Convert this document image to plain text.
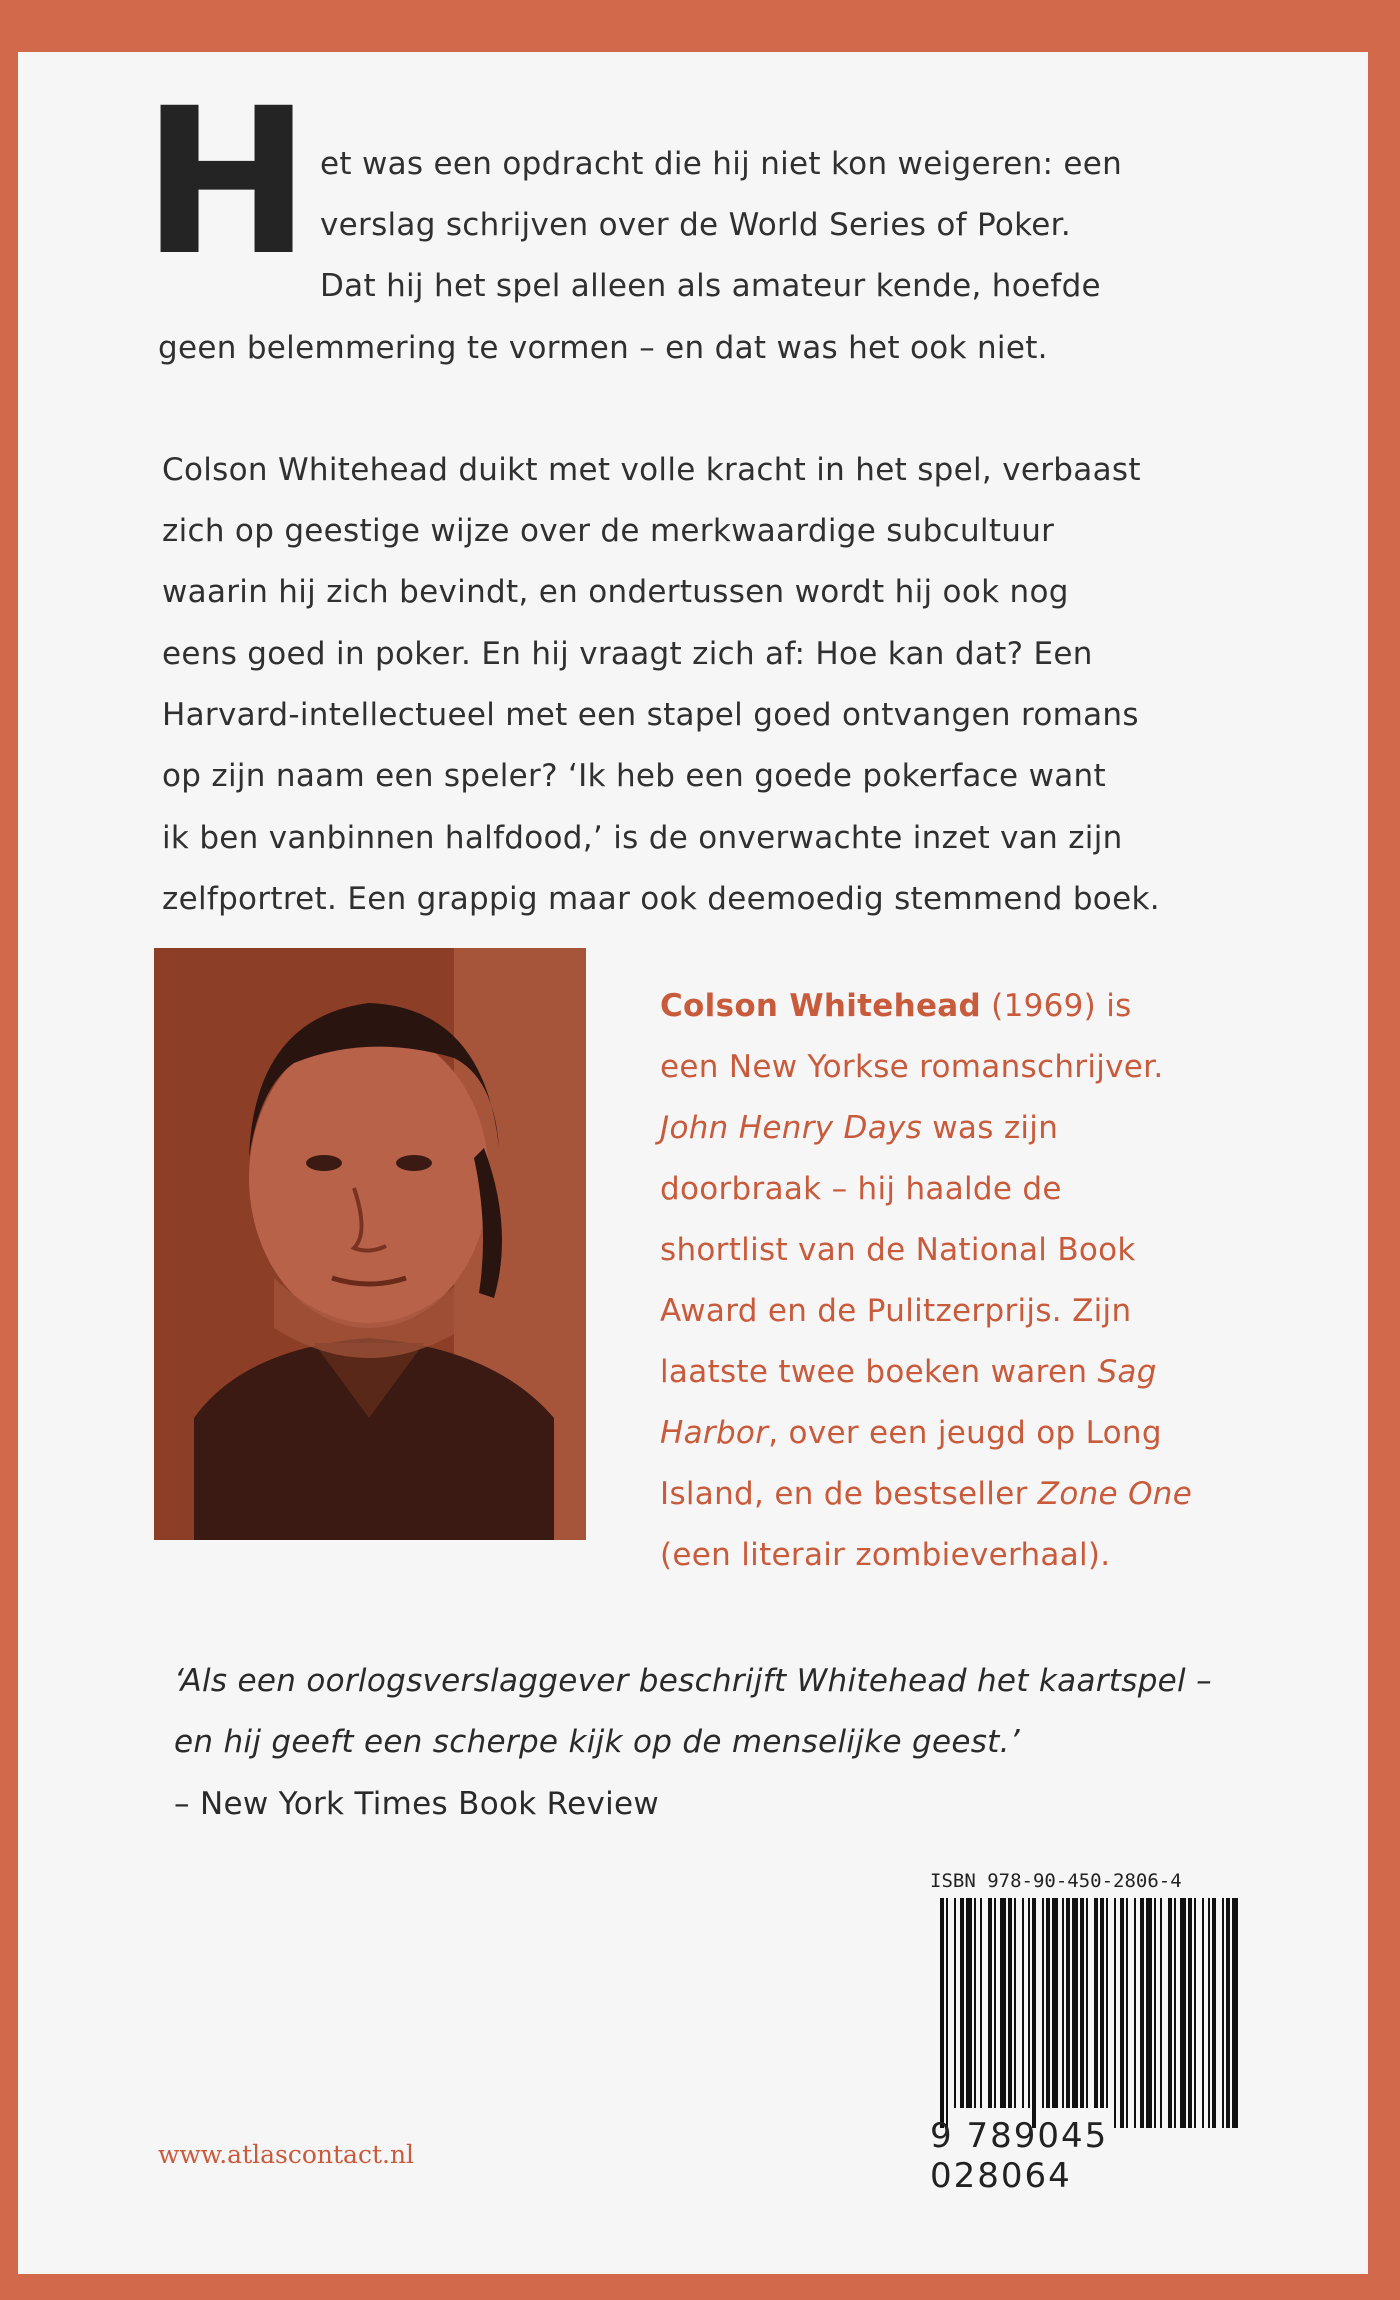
H et was een opdracht die hij niet kon weigeren: een
verslag schrijven over de World Series of Poker.
Dat hij het spel alleen als amateur kende, hoefde
geen belemmering te vormen – en dat was het ook niet.
Colson Whitehead duikt met volle kracht in het spel, verbaast
zich op geestige wijze over de merkwaardige subcultuur
waarin hij zich bevindt, en ondertussen wordt hij ook nog
eens goed in poker. En hij vraagt zich af: Hoe kan dat? Een
Harvard-intellectueel met een stapel goed ontvangen romans
op zijn naam een speler? ‘Ik heb een goede pokerface want
ik ben vanbinnen halfdood,’ is de onverwachte inzet van zijn
zelfportret. Een grappig maar ook deemoedig stemmend boek.
Colson Whitehead (1969) is
een New Yorkse romanschrijver.
John Henry Days was zijn
doorbraak – hij haalde de
shortlist van de National Book
Award en de Pulitzerprijs. Zijn
laatste twee boeken waren Sag
Harbor, over een jeugd op Long
Island, en de bestseller Zone One
(een literair zombieverhaal).
‘Als een oorlogsverslaggever beschrijft Whitehead het kaartspel –
en hij geeft een scherpe kijk op de menselijke geest.’
– New York Times Book Review
ISBN 978-90-450-2806-4
9 789045 028064
www.atlascontact.nl
